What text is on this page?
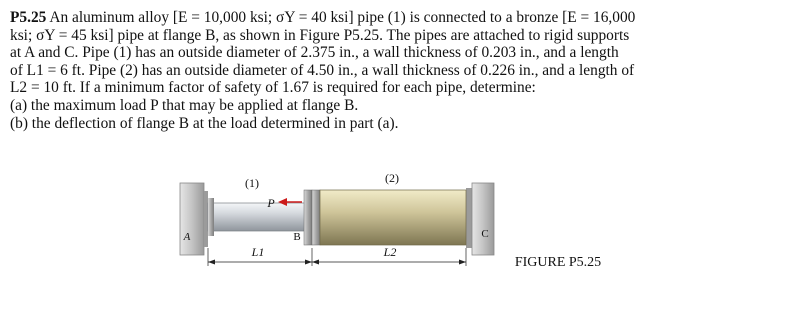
P5.25 An aluminum alloy [E = 10,000 ksi; σY = 40 ksi] pipe (1) is connected to a bronze [E = 16,000
ksi; σY = 45 ksi] pipe at flange B, as shown in Figure P5.25. The pipes are attached to rigid supports
at A and C. Pipe (1) has an outside diameter of 2.375 in., a wall thickness of 0.203 in., and a length
of L1 = 6 ft. Pipe (2) has an outside diameter of 4.50 in., a wall thickness of 0.226 in., and a length of
L2 = 10 ft. If a minimum factor of safety of 1.67 is required for each pipe, determine:
(a) the maximum load P that may be applied at flange B.
(b) the deflection of flange B at the load determined in part (a).
(1)	(2)
P
A	B	C
L1	L2
FIGURE P5.25
